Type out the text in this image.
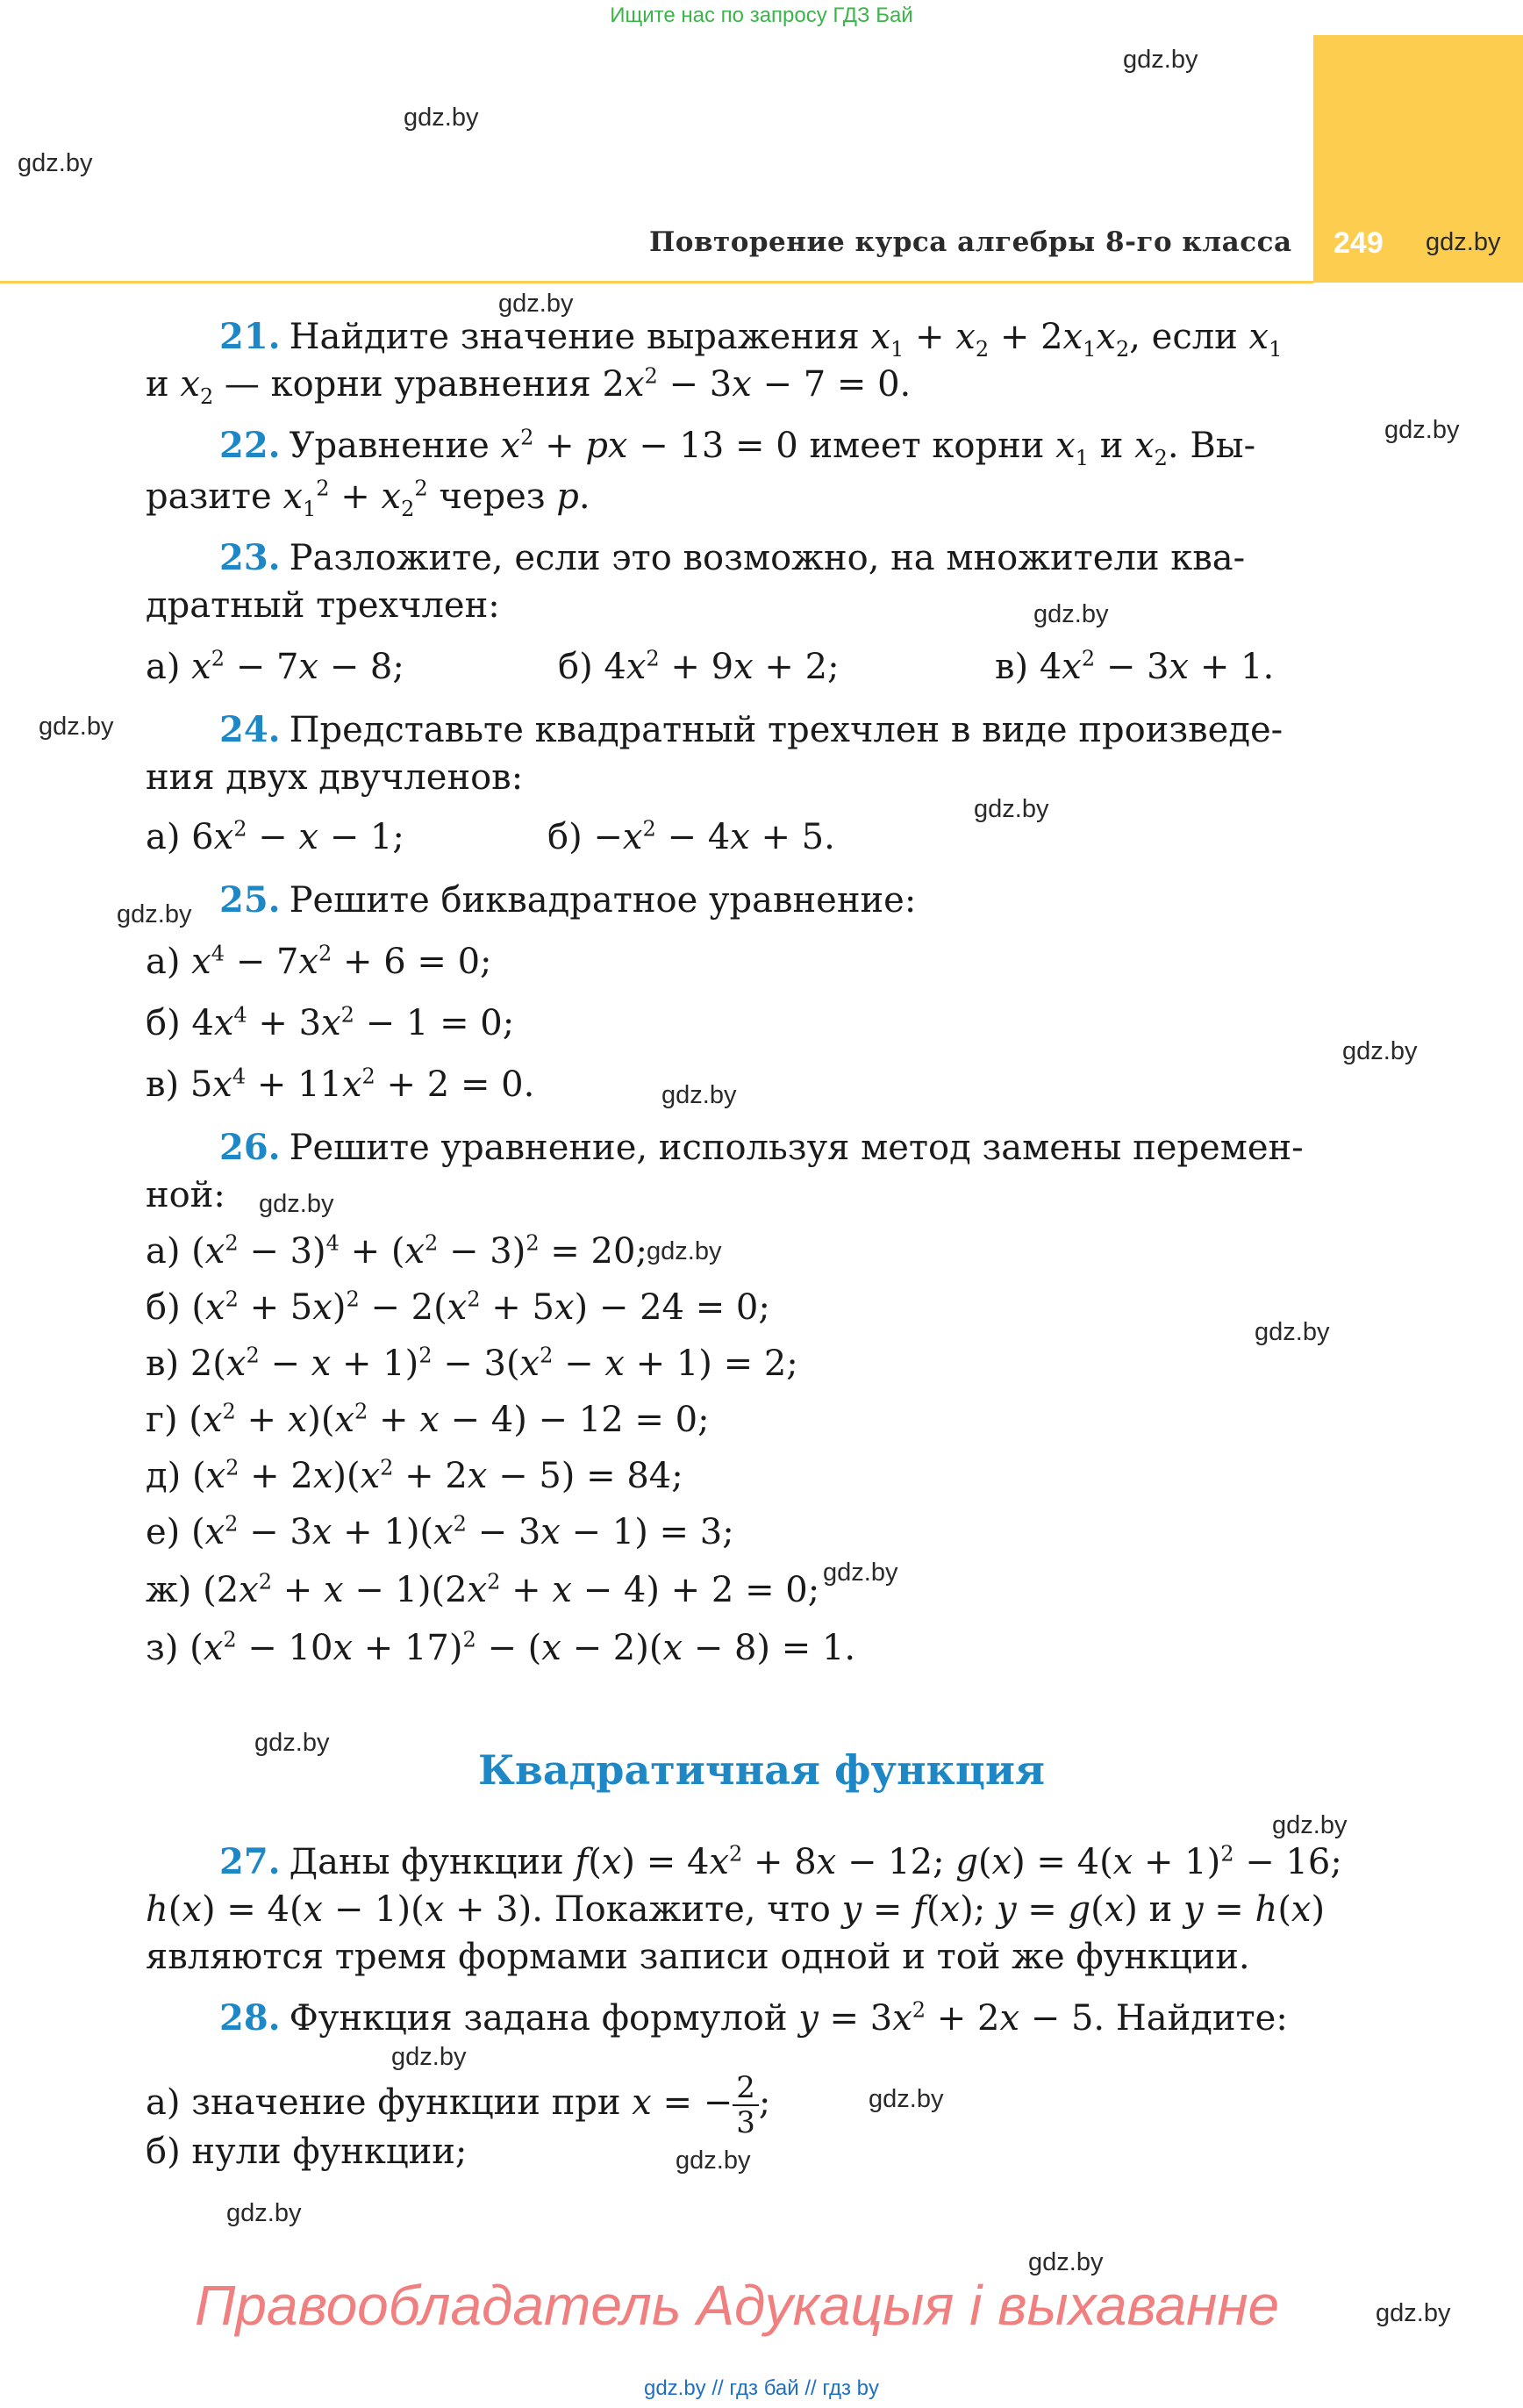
Ищите нас по запросу ГДЗ Бай
249
Повторение курса алгебры 8-го класса
gdz.by
gdz.by
gdz.by
gdz.by
gdz.by
gdz.by
gdz.by
gdz.by
gdz.by
gdz.by
gdz.by
gdz.by
gdz.by
gdz.by
gdz.by
gdz.by
gdz.by
gdz.by
gdz.by
gdz.by
gdz.by
gdz.by
gdz.by
gdz.by
21. Найдите значение выражения $x_1 + x_2 + 2x_1x_2$, если $x_1$
и $x_2$ — корни уравнения $2x^2 - 3x - 7 = 0$.
22. Уравнение $x^2$ + px − 13 = 0 имеет корни $x_1$ и $x_2$. Вы-
разите $x_1^2 + x_2^2$ через p.
23. Разложите, если это возможно, на множители ква-
дратный трехчлен:
а) $x^2 - 7x - 8$;	б) $4x^2 + 9x + 2$;	в) $4x^2 - 3x + 1$.
24. Представьте квадратный трехчлен в виде произведе-
ния двух двучленов:
а) $6x^2 - x - 1$;	$б) -x^2 - 4x + 5$.
25. Решите биквадратное уравнение:
а) $x^4 - 7x^2 + 6 = 0$;
б) $4x^4 + 3x^2 - 1 = 0$;
в) $5x^4 + 11x^2 + 2 = 0$.
26. Решите уравнение, используя метод замены перемен-
ной:
а) $(x^2 - 3)^4 + (x^2 - 3)^2 = 20$;
б) $(x^2 + 5x)^2 - 2(x^2 + 5x) - 24 = 0$;
в) $2(x^2 - x + 1)^2 - 3(x^2 - x + 1) = 2$;
г) $(x^2 + x)(x^2 + x - 4) - 12 = 0$;
д) $(x^2 + 2x)(x^2 + 2x - 5) = 84$;
е) $(x^2 - 3x + 1)(x^2 - 3x - 1) = 3$;
ж) $(2x^2 + x - 1)(2x^2 + x - 4) + 2 = 0$;
з) $(x^2 - 10x + 17)^2 - (x - 2)(x - 8) = 1$.
Квадратичная функция
27. Даны функции $f(x) = 4x^2 + 8x - 12$; $g(x) = 4(x + 1)^2 - 16$;
h(x) = 4(x − 1)(x + 3). Покажите, что y = f(x); y = g(x) и y = h(x)
являются тремя формами записи одной и той же функции.
28. Функция задана формулой $y = 3x^2 + 2x - 5$. Найдите:
а) значение функции при x = − $\frac{2}{3}$ ;
б) нули функции;
Правообладатель Адукацыя і выхаванне
gdz.by // гдз бай // гдз by
